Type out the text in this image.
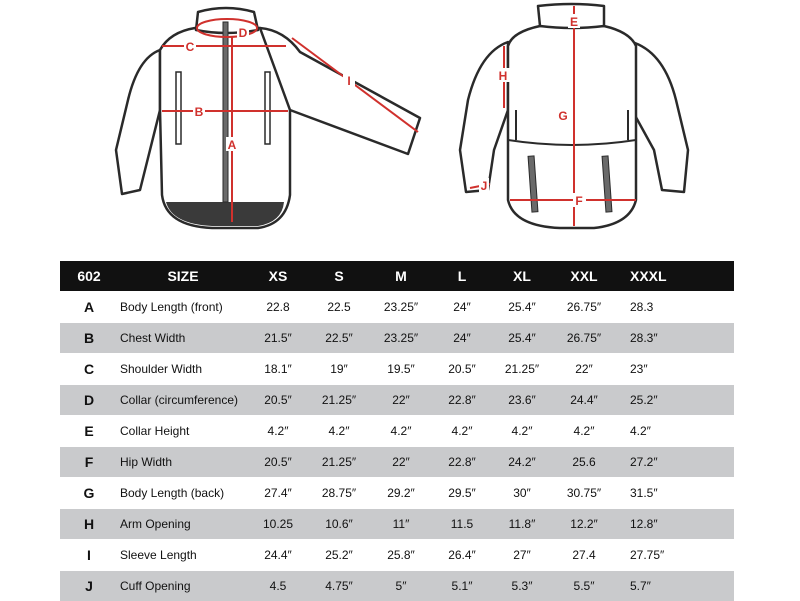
C
D
B
A
I
E
H
G
F
J
602	SIZE	XS	S	M	L	XL	XXL	XXXL
A	Body Length (front)	22.8	22.5	23.25″	24″	25.4″	26.75″	28.3
B	Chest Width	21.5″	22.5″	23.25″	24″	25.4″	26.75″	28.3″
C	Shoulder Width	18.1″	19″	19.5″	20.5″	21.25″	22″	23″
D	Collar (circumference)	20.5″	21.25″	22″	22.8″	23.6″	24.4″	25.2″
E	Collar Height	4.2″	4.2″	4.2″	4.2″	4.2″	4.2″	4.2″
F	Hip Width	20.5″	21.25″	22″	22.8″	24.2″	25.6	27.2″
G	Body Length (back)	27.4″	28.75″	29.2″	29.5″	30″	30.75″	31.5″
H	Arm Opening	10.25	10.6″	11″	11.5	11.8″	12.2″	12.8″
I	Sleeve Length	24.4″	25.2″	25.8″	26.4″	27″	27.4	27.75″
J	Cuff Opening	4.5	4.75″	5″	5.1″	5.3″	5.5″	5.7″
